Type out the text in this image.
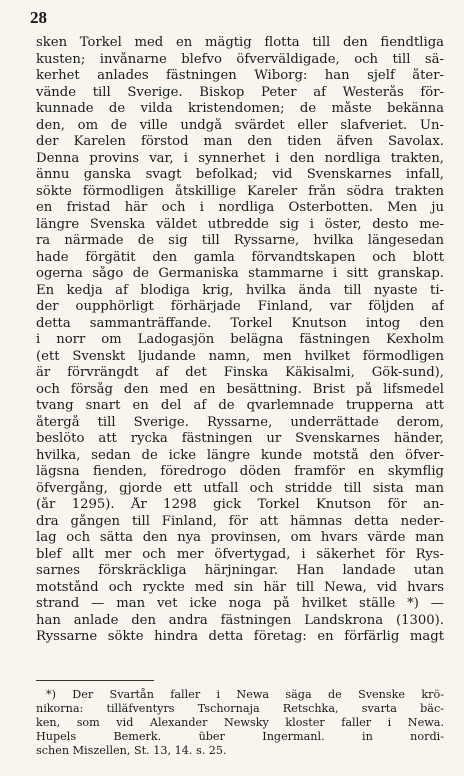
28
sken Torkel med en mägtig flotta till den fiendtliga
kusten; invånarne blefvo öfverväldigade, och till sä-
kerhet anlades fästningen Wiborg: han sjelf åter-
vände till Sverige. Biskop Peter af Westerås för-
kunnade de vilda kristendomen; de måste bekänna
den, om de ville undgå svärdet eller slafveriet. Un-
der Karelen förstod man den tiden äfven Savolax.
Denna provins var, i synnerhet i den nordliga trakten,
ännu ganska svagt befolkad; vid Svenskarnes infall,
sökte förmodligen åtskillige Kareler från södra trakten
en fristad här och i nordliga Österbotten. Men ju
längre Svenska väldet utbredde sig i öster, desto me-
ra närmade de sig till Ryssarne, hvilka längesedan
hade förgätit den gamla förvandtskapen och blott
ogerna sågo de Germaniska stammarne i sitt granskap.
En kedja af blodiga krig, hvilka ända till nyaste ti-
der oupphörligt förhärjade Finland, var följden af
detta sammanträffande. Torkel Knutson intog den
i norr om Ladogasjön belägna fästningen Kexholm
(ett Svenskt ljudande namn, men hvilket förmodligen
är förvrängdt af det Finska Käkisalmi, Gök-sund),
och försåg den med en besättning. Brist på lifsmedel
tvang snart en del af de qvarlemnade trupperna att
återgå till Sverige. Ryssarne, underrättade derom,
beslöto att rycka fästningen ur Svenskarnes händer,
hvilka, sedan de icke längre kunde motstå den öfver-
lägsna fienden, föredrogo döden framför en skymflig
öfvergång, gjorde ett utfall och stridde till sista man
(år 1295). År 1298 gick Torkel Knutson för an-
dra gången till Finland, för att hämnas detta neder-
lag och sätta den nya provinsen, om hvars värde man
blef allt mer och mer öfvertygad, i säkerhet för Rys-
sarnes förskräckliga härjningar. Han landade utan
motstånd och ryckte med sin här till Newa, vid hvars
strand — man vet icke noga på hvilket ställe *) —
han anlade den andra fästningen Landskrona (1300).
Ryssarne sökte hindra detta företag: en förfärlig magt
*) Der Svartån faller i Newa säga de Svenske krö-
nikorna: tilläfventyrs Tschornaja Retschka, svarta bäc-
ken, som vid Alexander Newsky kloster faller i Newa.
Hupels Bemerk. über Ingermanl. in nordi-
schen Miszellen, St. 13, 14. s. 25.
